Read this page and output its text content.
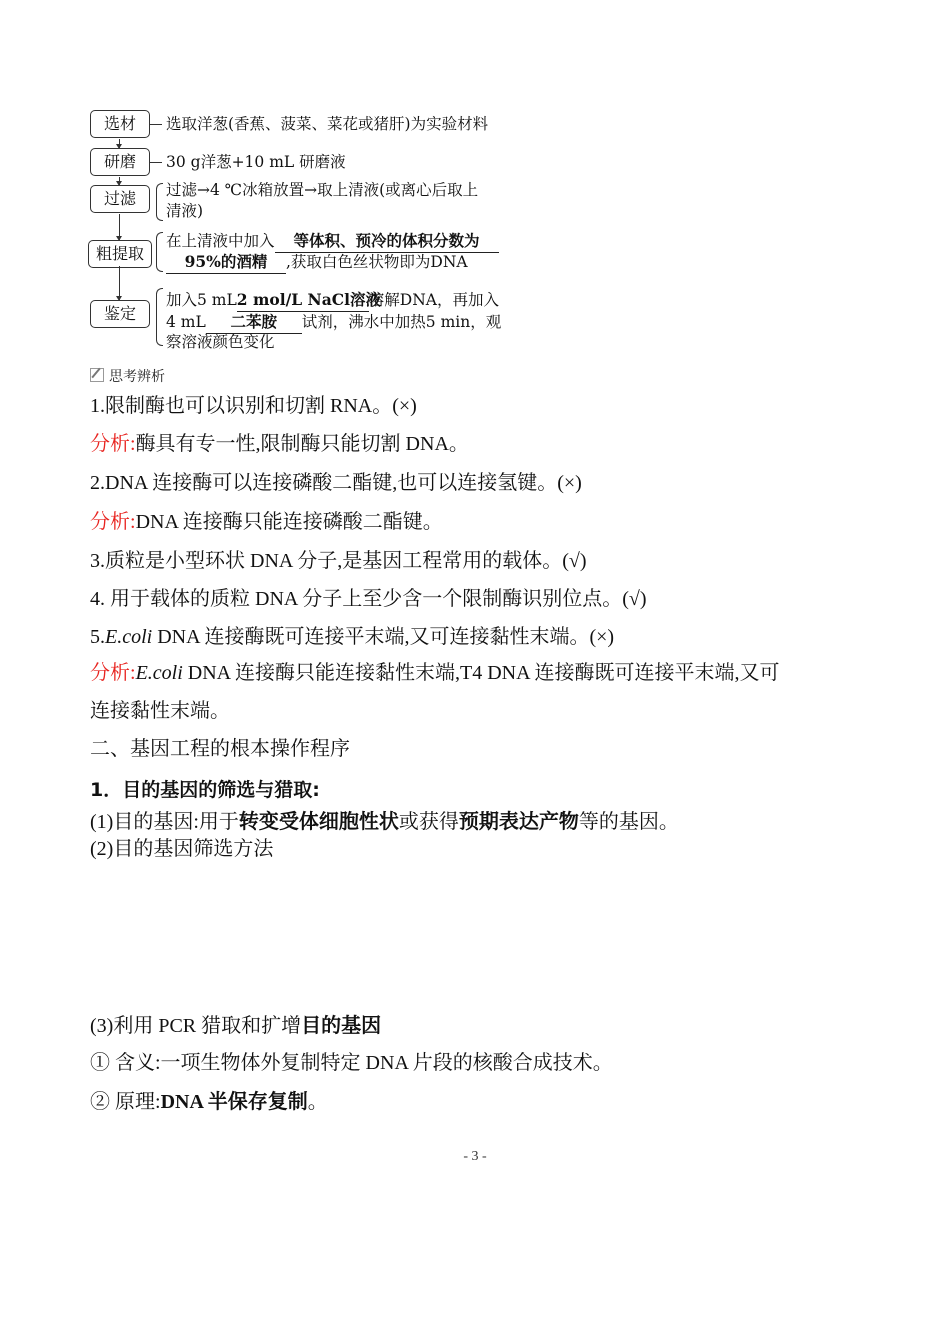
选材	选取洋葱(香蕉、菠菜、菜花或猪肝)为实验材料
研磨	30 g洋葱+10 mL 研磨液
过滤	过滤→4 ℃冰箱放置→取上清液(或离心后取上
清液)
粗提取
在上清液中加入 等体积、预冷的体积分数为
95%的酒精 ,获取白色丝状物即为DNA
鉴定
加入5 mL2 mol/L NaCl溶液溶解DNA，再加入
4 mL 二苯胺 试剂，沸水中加热5 min，观
察溶液颜色变化
思考辨析
1.限制酶也可以识别和切割 RNA。(×)
分析:酶具有专一性,限制酶只能切割 DNA。
2.DNA 连接酶可以连接磷酸二酯键,也可以连接氢键。(×)
分析:DNA 连接酶只能连接磷酸二酯键。
3.质粒是小型环状 DNA 分子,是基因工程常用的载体。(√)
4. 用于载体的质粒 DNA 分子上至少含一个限制酶识别位点。(√)
5.E.coli DNA 连接酶既可连接平末端,又可连接黏性末端。(×)
分析:E.coli DNA 连接酶只能连接黏性末端,T4 DNA 连接酶既可连接平末端,又可
连接黏性末端。
二、基因工程的根本操作程序
1．目的基因的筛选与猎取:
(1)目的基因:用于转变受体细胞性状或获得预期表达产物等的基因。
(2)目的基因筛选方法
(3)利用 PCR 猎取和扩增目的基因
① 含义:一项生物体外复制特定 DNA 片段的核酸合成技术。
② 原理:DNA 半保存复制。
- 3 -
